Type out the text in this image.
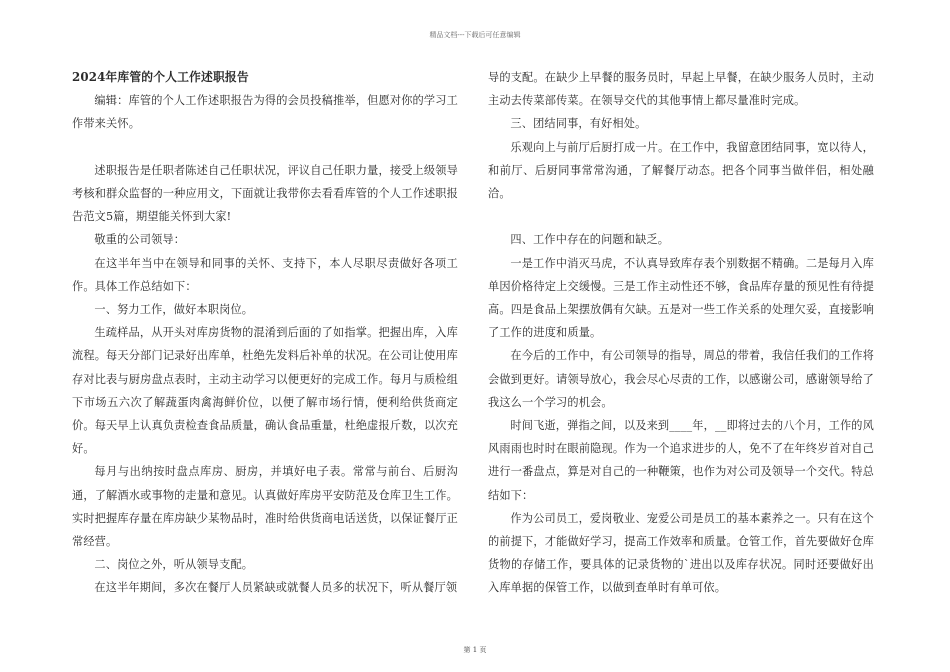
精品文档---下载后可任意编辑

2024年库管的个人工作述职报告

编辑：库管的个人工作述职报告为得的会员投稿推举，但愿对你的学习工作带来关怀。

述职报告是任职者陈述自己任职状况，评议自己任职力量，接受上级领导考核和群众监督的一种应用文，下面就让我带你去看看库管的个人工作述职报告范文5篇，期望能关怀到大家!

敬重的公司领导：

在这半年当中在领导和同事的关怀、支持下，本人尽职尽责做好各项工作。具体工作总结如下：

一、努力工作，做好本职岗位。

生疏样品，从开头对库房货物的混淆到后面的了如指掌。把握出库，入库流程。每天分部门记录好出库单，杜绝先发料后补单的状况。在公司让使用库存对比表与厨房盘点表时，主动主动学习以便更好的完成工作。每月与质检组下市场五六次了解蔬蛋肉禽海鲜价位，以便了解市场行情，便利给供货商定价。每天早上认真负责检查食品质量，确认食品重量，杜绝虚报斤数，以次充好。

每月与出纳按时盘点库房、厨房，并填好电子表。常常与前台、后厨沟通，了解酒水或事物的走量和意见。认真做好库房平安防范及仓库卫生工作。实时把握库存量在库房缺少某物品时，准时给供货商电话送货，以保证餐厅正常经营。

二、岗位之外，听从领导支配。

在这半年期间，多次在餐厅人员紧缺或就餐人员多的状况下，听从餐厅领

导的支配。在缺少上早餐的服务员时，早起上早餐，在缺少服务人员时，主动主动去传菜部传菜。在领导交代的其他事情上都尽量准时完成。

三、团结同事，有好相处。

乐观向上与前厅后厨打成一片。在工作中，我留意团结同事，宽以待人，和前厅、后厨同事常常沟通，了解餐厅动态。把各个同事当做伴侣，相处融洽。

四、工作中存在的问题和缺乏。

一是工作中消灭马虎，不认真导致库存表个别数据不精确。二是每月入库单因价格待定上交缓慢。三是工作主动性还不够，食品库存量的预见性有待提高。四是食品上架摆放偶有欠缺。五是对一些工作关系的处理欠妥，直接影响了工作的进度和质量。

在今后的工作中，有公司领导的指导，周总的带着，我信任我们的工作将会做到更好。请领导放心，我会尽心尽责的工作，以感谢公司，感谢领导给了我这么一个学习的机会。

时间飞逝，弹指之间，以及来到____年，__即将过去的八个月，工作的风风雨雨也时时在眼前隐现。作为一个追求进步的人，免不了在年终岁首对自己进行一番盘点，算是对自己的一种鞭策，也作为对公司及领导一个交代。特总结如下：

作为公司员工，爱岗敬业、宠爱公司是员工的基本素养之一。只有在这个的前提下，才能做好学习，提高工作效率和质量。仓管工作，首先要做好仓库货物的存储工作，要具体的记录货物的`进出以及库存状况。同时还要做好出入库单据的保管工作，以做到查单时有单可依。

第 1 页
